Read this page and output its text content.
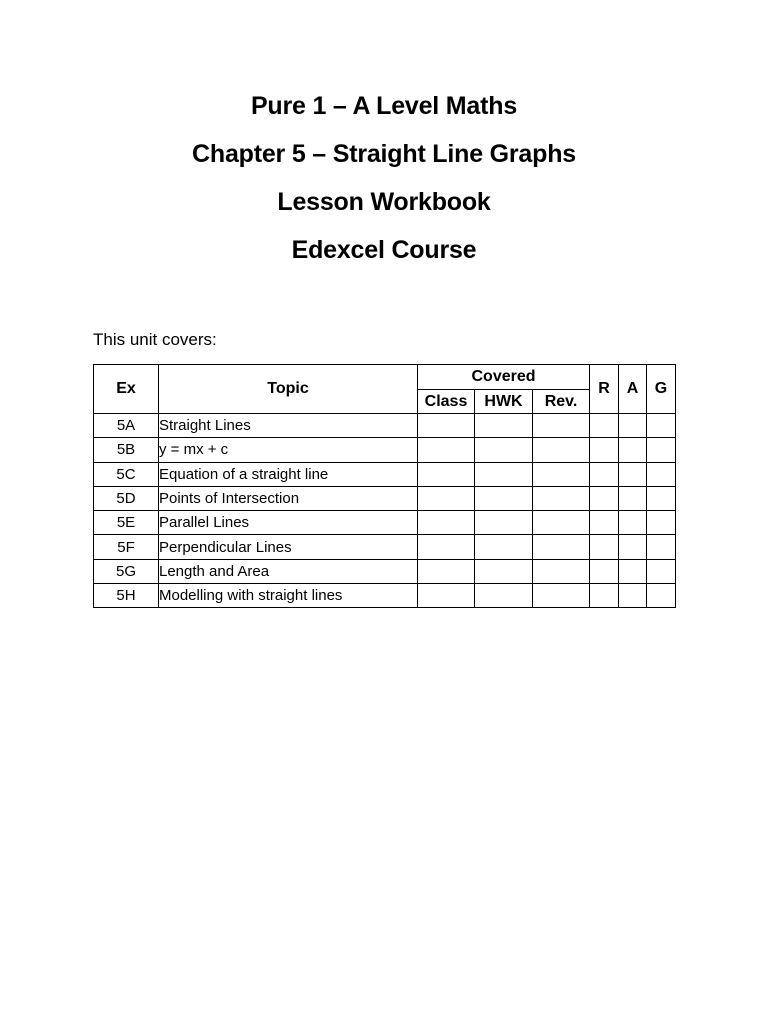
Pure 1 – A Level Maths
Chapter 5 – Straight Line Graphs
Lesson Workbook
Edexcel Course
This unit covers:
Ex	Topic	Covered			R	A	G
		Class	HWK	Rev.			
5A	Straight Lines						
5B	y = mx + c						
5C	Equation of a straight line						
5D	Points of Intersection						
5E	Parallel Lines						
5F	Perpendicular Lines						
5G	Length and Area						
5H	Modelling with straight lines						
